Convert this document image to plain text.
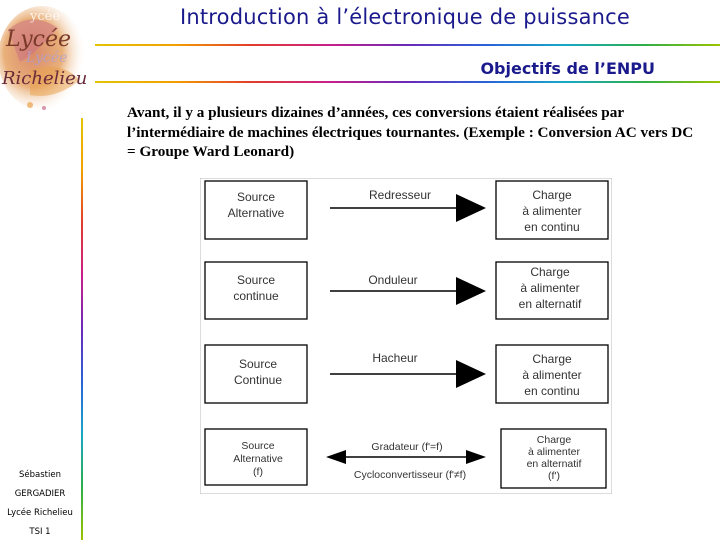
ycée
Lycée
Lycée
Richelieu
Introduction à l’électronique de puissance
Objectifs de l’ENPU

Avant, il y a plusieurs dizaines d’années, ces conversions étaient réalisées par l’intermédiaire de machines électriques tournantes. (Exemple : Conversion AC vers DC = Groupe Ward Leonard)

Source
Alternative
Redresseur	Charge
à alimenter
en continu
Source
continue
Onduleur
Charge
à alimenter
en alternatif
Source
Continue
Hacheur	Charge
à alimenter
en continu
Source
Alternative
(f)
Gradateur (f'=f)
Cycloconvertisseur (f'≠f)
Charge
à alimenter
en alternatif
(f')
Sébastien
GERGADIER
Lycée Richelieu
TSI 1
